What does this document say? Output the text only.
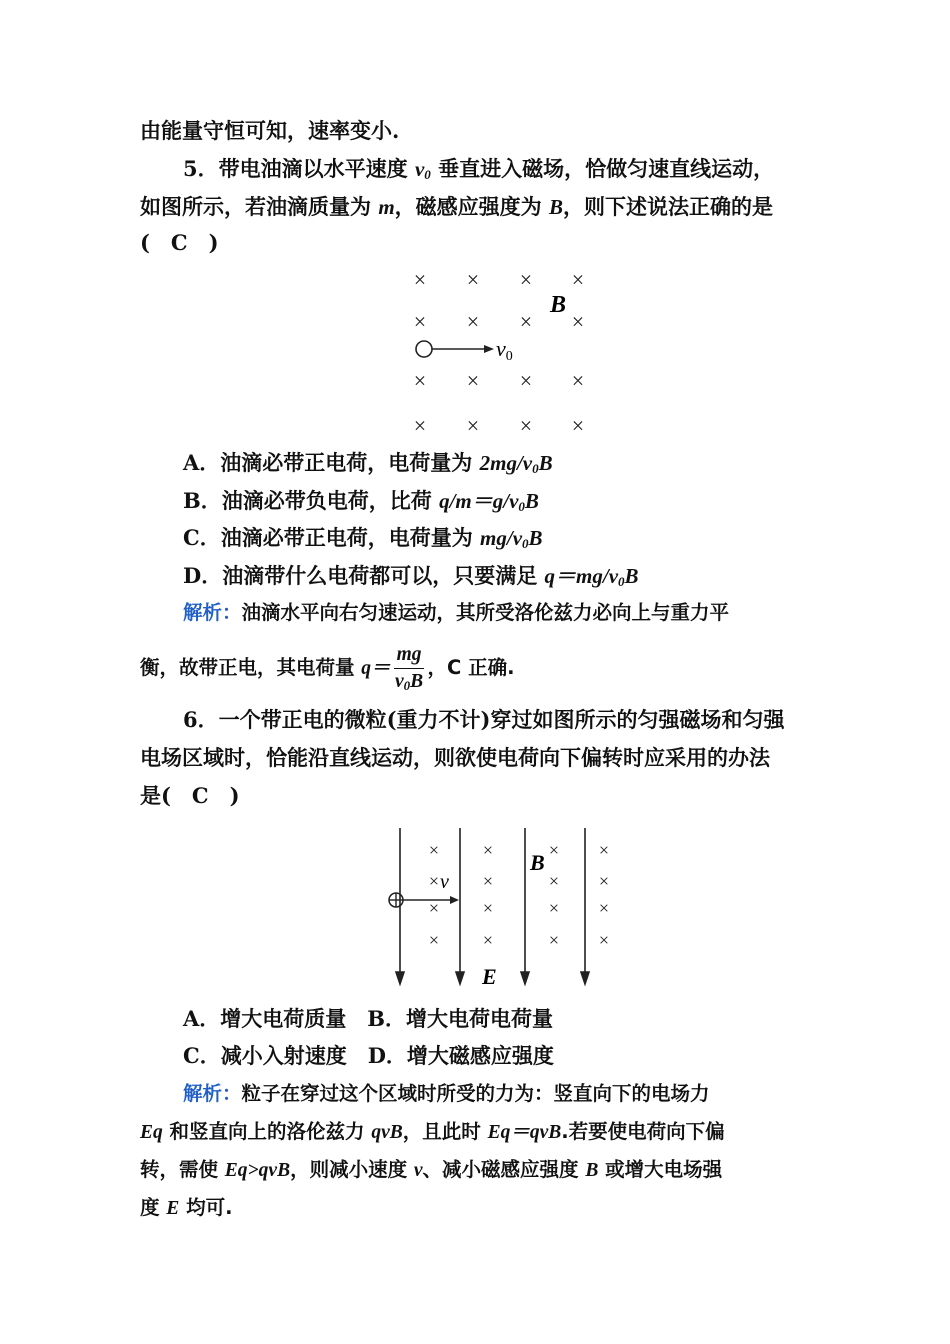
由能量守恒可知，速率变小.
5．带电油滴以水平速度 $v_0$ 垂直进入磁场，恰做匀速直线运动，
如图所示，若油滴质量为 m，磁感应强度为 B，则下述说法正确的是
(　C　)
× × × ×
× × × ×
× × × ×
× × × ×
B
v0
A．油滴必带正电荷，电荷量为 $2mg/v_0B$
B．油滴必带负电荷，比荷 $q/m=g/v_0B$
C．油滴必带正电荷，电荷量为 $mg/v_0B$
D．油滴带什么电荷都可以，只要满足 $q=mg/v_0B$
解析：油滴水平向右匀速运动，其所受洛伦兹力必向上与重力平
衡，故带正电，其电荷量 $q= \frac{mg}{v_0B}$ ，C 正确.
6．一个带正电的微粒(重力不计)穿过如图所示的匀强磁场和匀强
电场区域时，恰能沿直线运动，则欲使电荷向下偏转时应采用的办法
是(　C　)
× ×	× ×
× ×	× ×
× ×	× ×
× ×	× ×
B
E
v
A．增大电荷质量　B．增大电荷电荷量
C．减小入射速度　D．增大磁感应强度
解析：粒子在穿过这个区域时所受的力为：竖直向下的电场力
Eq 和竖直向上的洛伦兹力 qvB，且此时 Eq＝qvB.若要使电荷向下偏
转，需使 Eq>qvB，则减小速度 v、减小磁感应强度 B 或增大电场强
度 E 均可.
